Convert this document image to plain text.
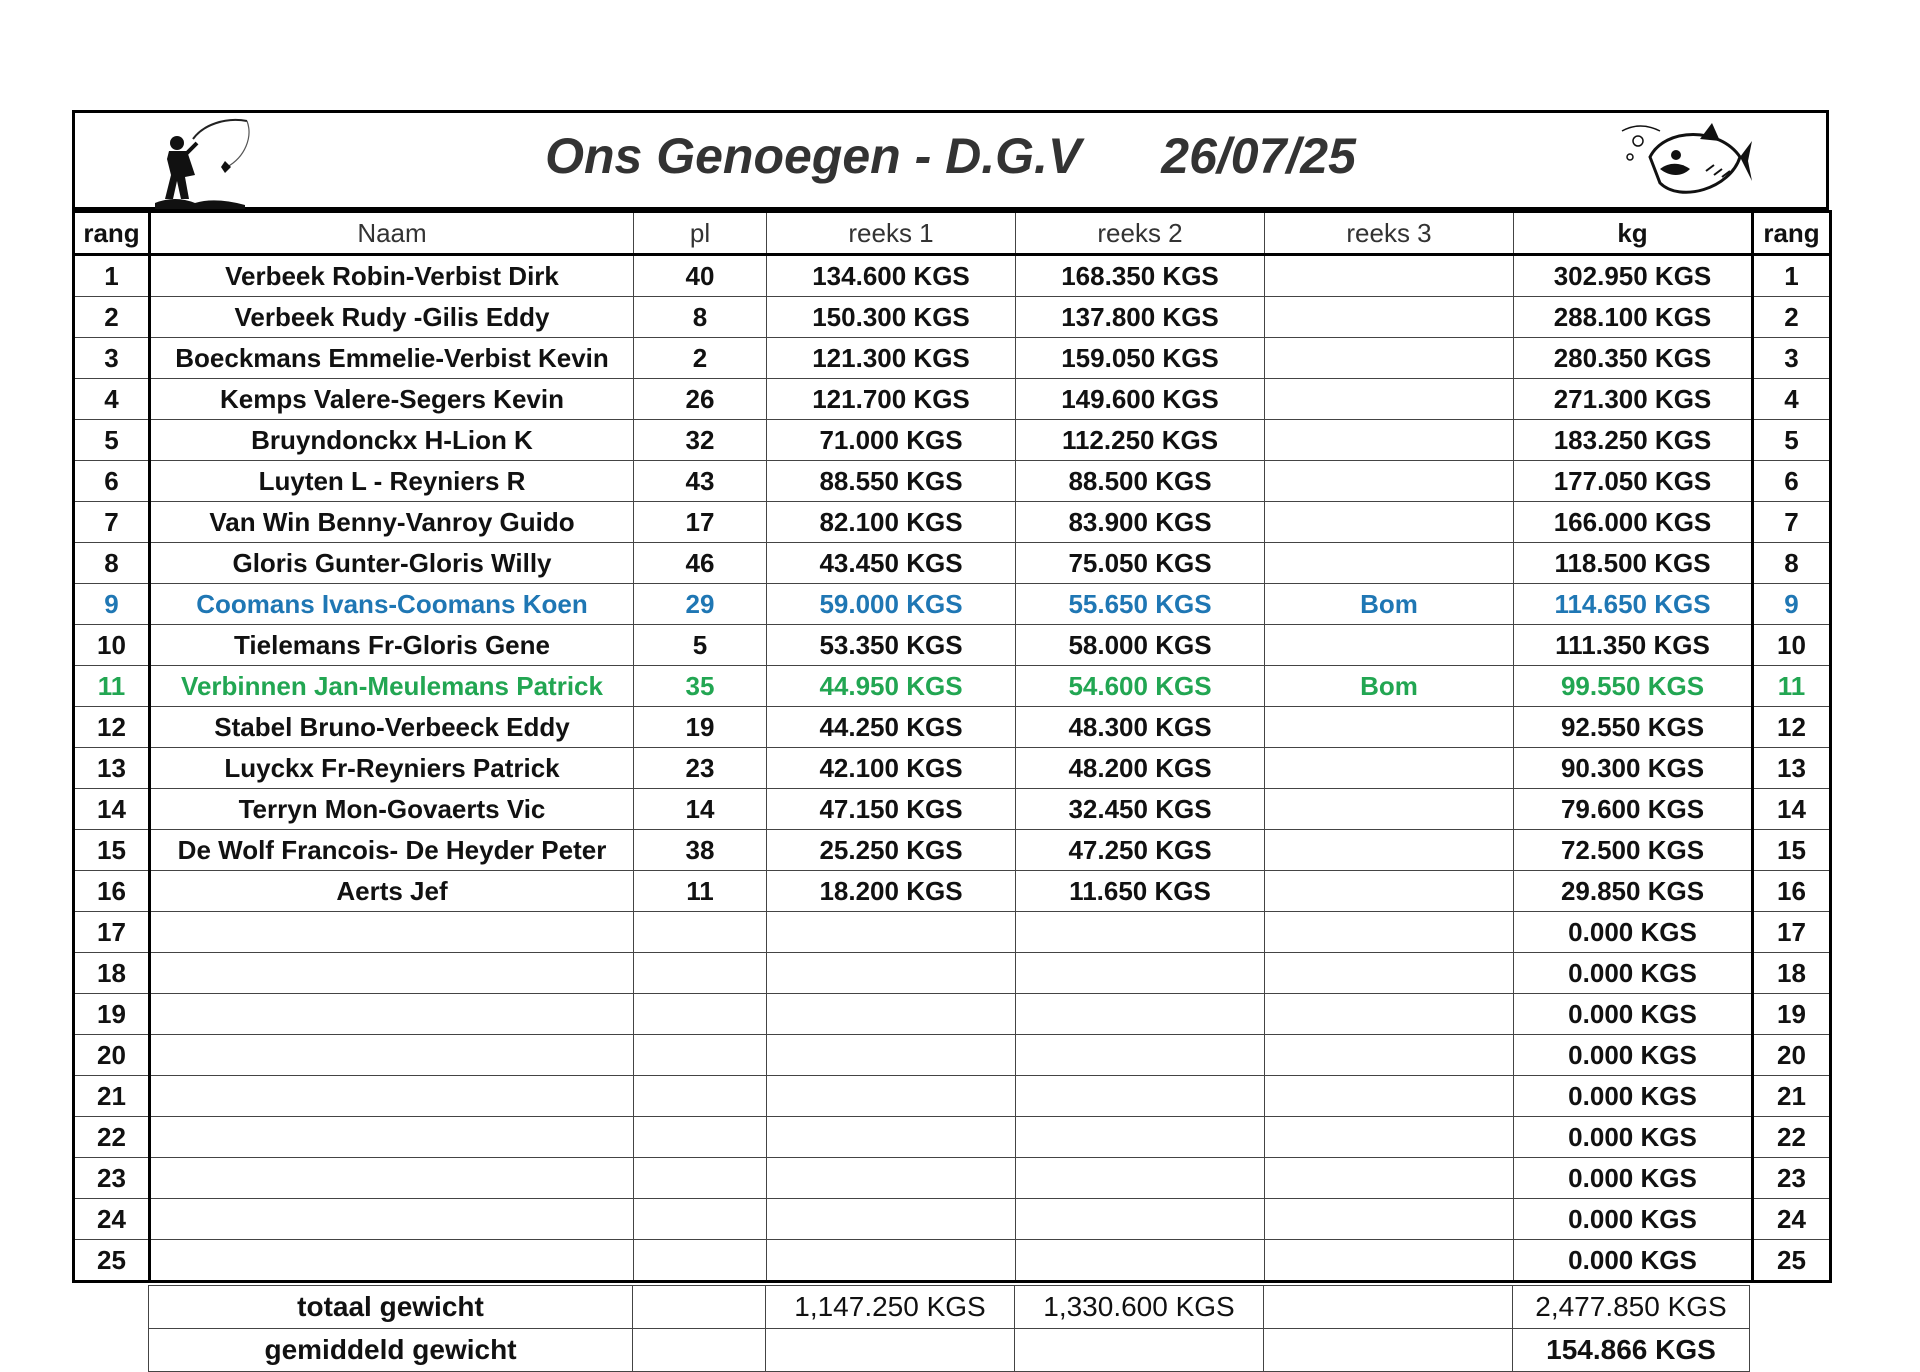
Ons Genoegen - D.G.V 26/07/25
rang	Naam	pl	reeks 1	reeks 2	reeks 3	kg	rang
1	Verbeek Robin-Verbist Dirk	40	134.600 KGS	168.350 KGS		302.950 KGS	1
2	Verbeek Rudy -Gilis Eddy	8	150.300 KGS	137.800 KGS		288.100 KGS	2
3	Boeckmans Emmelie-Verbist Kevin	2	121.300 KGS	159.050 KGS		280.350 KGS	3
4	Kemps Valere-Segers Kevin	26	121.700 KGS	149.600 KGS		271.300 KGS	4
5	Bruyndonckx H-Lion K	32	71.000 KGS	112.250 KGS		183.250 KGS	5
6	Luyten L - Reyniers R	43	88.550 KGS	88.500 KGS		177.050 KGS	6
7	Van Win Benny-Vanroy Guido	17	82.100 KGS	83.900 KGS		166.000 KGS	7
8	Gloris Gunter-Gloris Willy	46	43.450 KGS	75.050 KGS		118.500 KGS	8
9	Coomans Ivans-Coomans Koen	29	59.000 KGS	55.650 KGS	Bom	114.650 KGS	9
10	Tielemans Fr-Gloris Gene	5	53.350 KGS	58.000 KGS		111.350 KGS	10
11	Verbinnen Jan-Meulemans Patrick	35	44.950 KGS	54.600 KGS	Bom	99.550 KGS	11
12	Stabel Bruno-Verbeeck Eddy	19	44.250 KGS	48.300 KGS		92.550 KGS	12
13	Luyckx Fr-Reyniers Patrick	23	42.100 KGS	48.200 KGS		90.300 KGS	13
14	Terryn Mon-Govaerts Vic	14	47.150 KGS	32.450 KGS		79.600 KGS	14
15	De Wolf Francois- De Heyder Peter	38	25.250 KGS	47.250 KGS		72.500 KGS	15
16	Aerts Jef	11	18.200 KGS	11.650 KGS		29.850 KGS	16
17						0.000 KGS	17
18						0.000 KGS	18
19						0.000 KGS	19
20						0.000 KGS	20
21						0.000 KGS	21
22						0.000 KGS	22
23						0.000 KGS	23
24						0.000 KGS	24
25						0.000 KGS	25
totaal gewicht		1,147.250 KGS	1,330.600 KGS		2,477.850 KGS
gemiddeld gewicht					154.866 KGS
